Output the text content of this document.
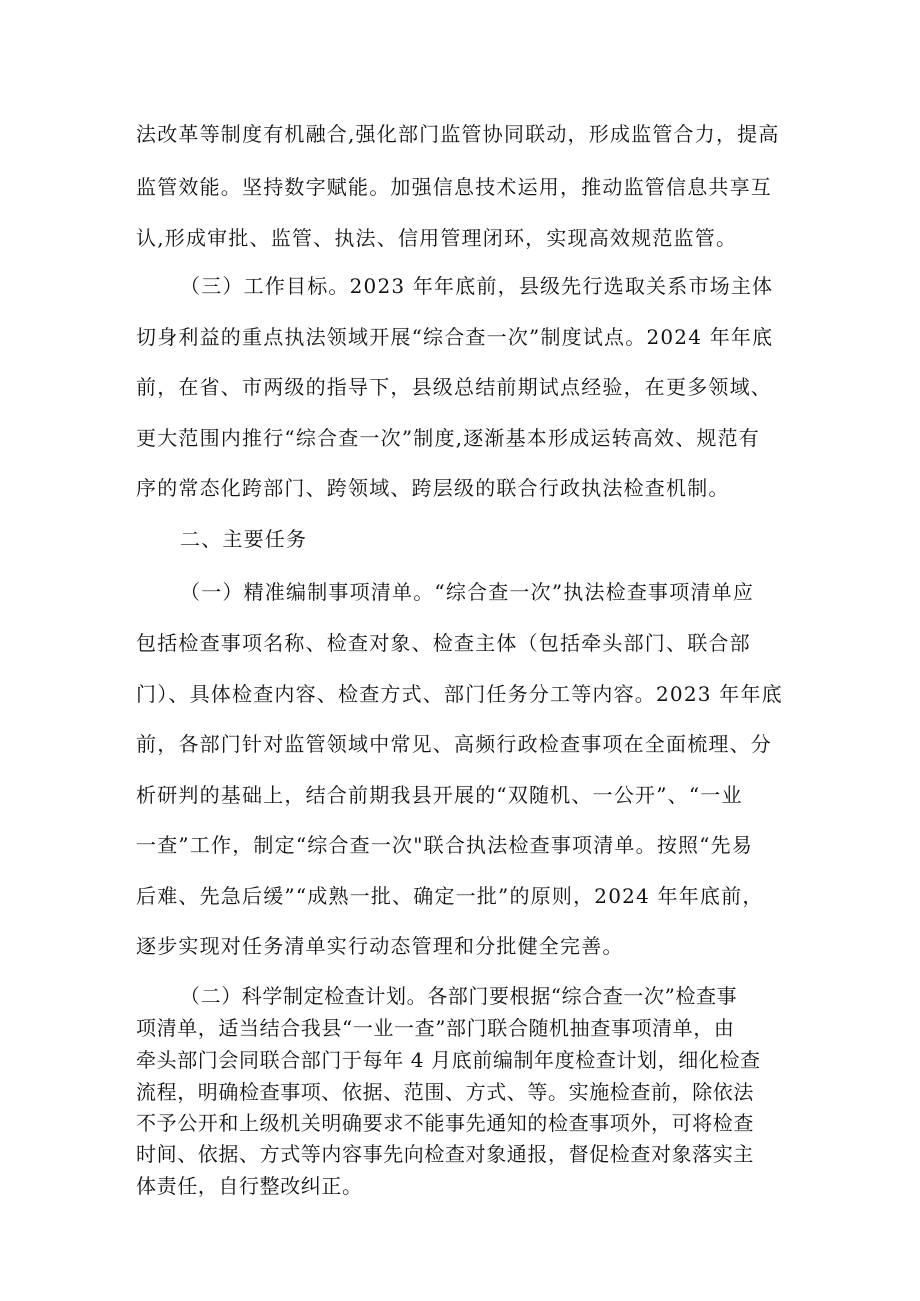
法改革等制度有机融合,强化部门监管协同联动，形成监管合力，提高
监管效能。坚持数字赋能。加强信息技术运用，推动监管信息共享互
认,形成审批、监管、执法、信用管理闭环，实现高效规范监管。
（三）工作目标。2023 年年底前，县级先行选取关系市场主体
切身利益的重点执法领域开展“综合查一次”制度试点。2024 年年底
前，在省、市两级的指导下，县级总结前期试点经验，在更多领域、
更大范围内推行“综合查一次”制度,逐渐基本形成运转高效、规范有
序的常态化跨部门、跨领域、跨层级的联合行政执法检查机制。
二、主要任务
（一）精准编制事项清单。“综合查一次”执法检查事项清单应
包括检查事项名称、检查对象、检查主体（包括牵头部门、联合部
门）、具体检查内容、检查方式、部门任务分工等内容。2023 年年底
前，各部门针对监管领域中常见、高频行政检查事项在全面梳理、分
析研判的基础上，结合前期我县开展的“双随机、一公开”、“一业
一查”工作，制定“综合查一次"联合执法检查事项清单。按照“先易
后难、先急后缓”“成熟一批、确定一批”的原则，2024 年年底前，
逐步实现对任务清单实行动态管理和分批健全完善。
（二）科学制定检查计划。各部门要根据“综合查一次”检查事
项清单，适当结合我县“一业一查”部门联合随机抽查事项清单，由
牵头部门会同联合部门于每年 4 月底前编制年度检查计划，细化检查
流程，明确检查事项、依据、范围、方式、等。实施检查前，除依法
不予公开和上级机关明确要求不能事先通知的检查事项外，可将检查
时间、依据、方式等内容事先向检查对象通报，督促检查对象落实主
体责任，自行整改纠正。
